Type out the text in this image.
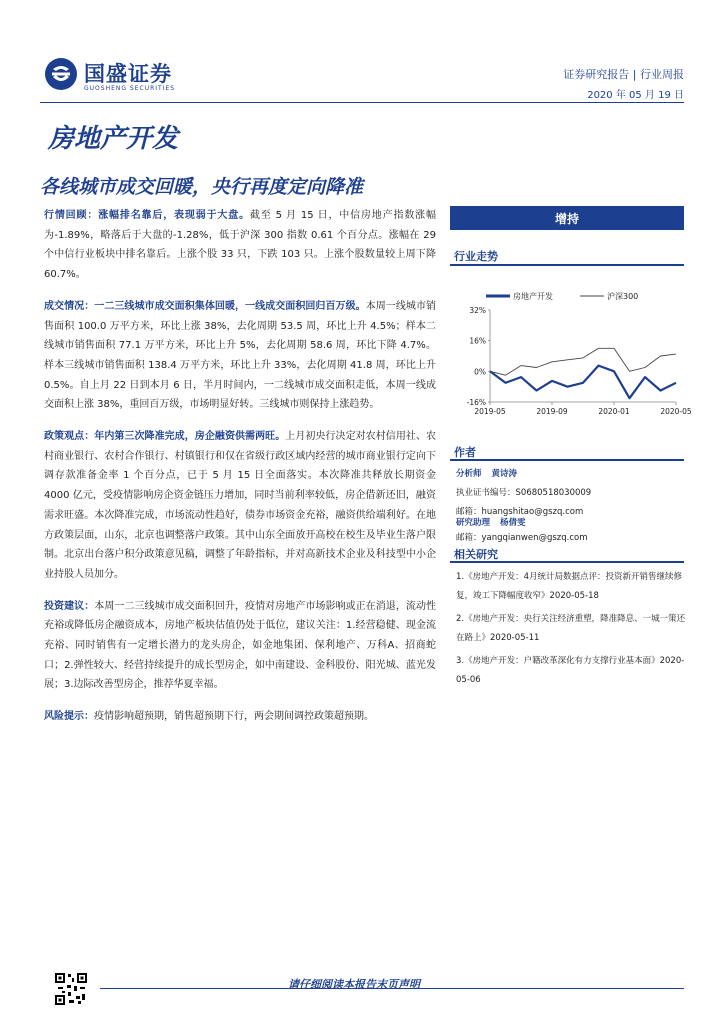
国盛证券
GUOSHENG SECURITIES
证券研究报告 | 行业周报
2020 年 05 月 19 日
房地产开发
各线城市成交回暖，央行再度定向降准

行情回顾：涨幅排名靠后，表现弱于大盘。截至 5 月 15 日，中信房地产指数涨幅为-1.89%，略落后于大盘的-1.28%，低于沪深 300 指数 0.61 个百分点。涨幅在 29 个中信行业板块中排名靠后。上涨个股 33 只，下跌 103 只。上涨个股数量较上周下降 60.7%。

成交情况：一二三线城市成交面积集体回暖，一线成交面积回归百万级。本周一线城市销售面积 100.0 万平方米，环比上涨 38%，去化周期 53.5 周，环比上升 4.5%；样本二线城市销售面积 77.1 万平方米，环比上升 5%，去化周期 58.6 周，环比下降 4.7%。样本三线城市销售面积 138.4 万平方米，环比上升 33%，去化周期 41.8 周，环比上升 0.5%。自上月 22 日到本月 6 日，半月时间内，一二线城市成交面积走低，本周一线成交面积上涨 38%，重回百万级，市场明显好转。三线城市则保持上涨趋势。

政策观点：年内第三次降准完成，房企融资供需两旺。上月初央行决定对农村信用社、农村商业银行、农村合作银行、村镇银行和仅在省级行政区域内经营的城市商业银行定向下调存款准备金率 1 个百分点，已于 5 月 15 日全面落实。本次降准共释放长期资金 4000 亿元，受疫情影响房企资金链压力增加，同时当前利率较低，房企借新还旧，融资需求旺盛。本次降准完成，市场流动性趋好，债券市场资金充裕，融资供给端利好。在地方政策层面，山东，北京也调整落户政策。其中山东全面放开高校在校生及毕业生落户限制。北京出台落户积分政策意见稿，调整了年龄指标，并对高新技术企业及科技型中小企业持股人员加分。

投资建议：本周一二三线城市成交面积回升，疫情对房地产市场影响或正在消退，流动性充裕或降低房企融资成本，房地产板块估值仍处于低位，建议关注：1.经营稳健、现金流充裕、同时销售有一定增长潜力的龙头房企，如金地集团、保利地产、万科A、招商蛇口；2.弹性较大、经营持续提升的成长型房企，如中南建设、金科股份、阳光城、蓝光发展；3.边际改善型房企，推荐华夏幸福。

风险提示：疫情影响超预期，销售超预期下行，两会期间调控政策超预期。

增持
行业走势
房地产开发	沪深300
32%
16%
0%
-16%
2019-05	2019-09	2020-01	2020-05
作者
分析师 黄诗涛
执业证书编号：S0680518030009
邮箱：huangshitao@gszq.com
研究助理 杨倩雯
邮箱：yangqianwen@gszq.com
相关研究
1.《房地产开发：4月统计局数据点评：投资新开销售继续修复，竣工下降幅度收窄》2020-05-18
2.《房地产开发：央行关注经济重塑，降准降息、一城一策还在路上》2020-05-11
3.《房地产开发：户籍改革深化有力支撑行业基本面》2020-05-06
请仔细阅读本报告末页声明
